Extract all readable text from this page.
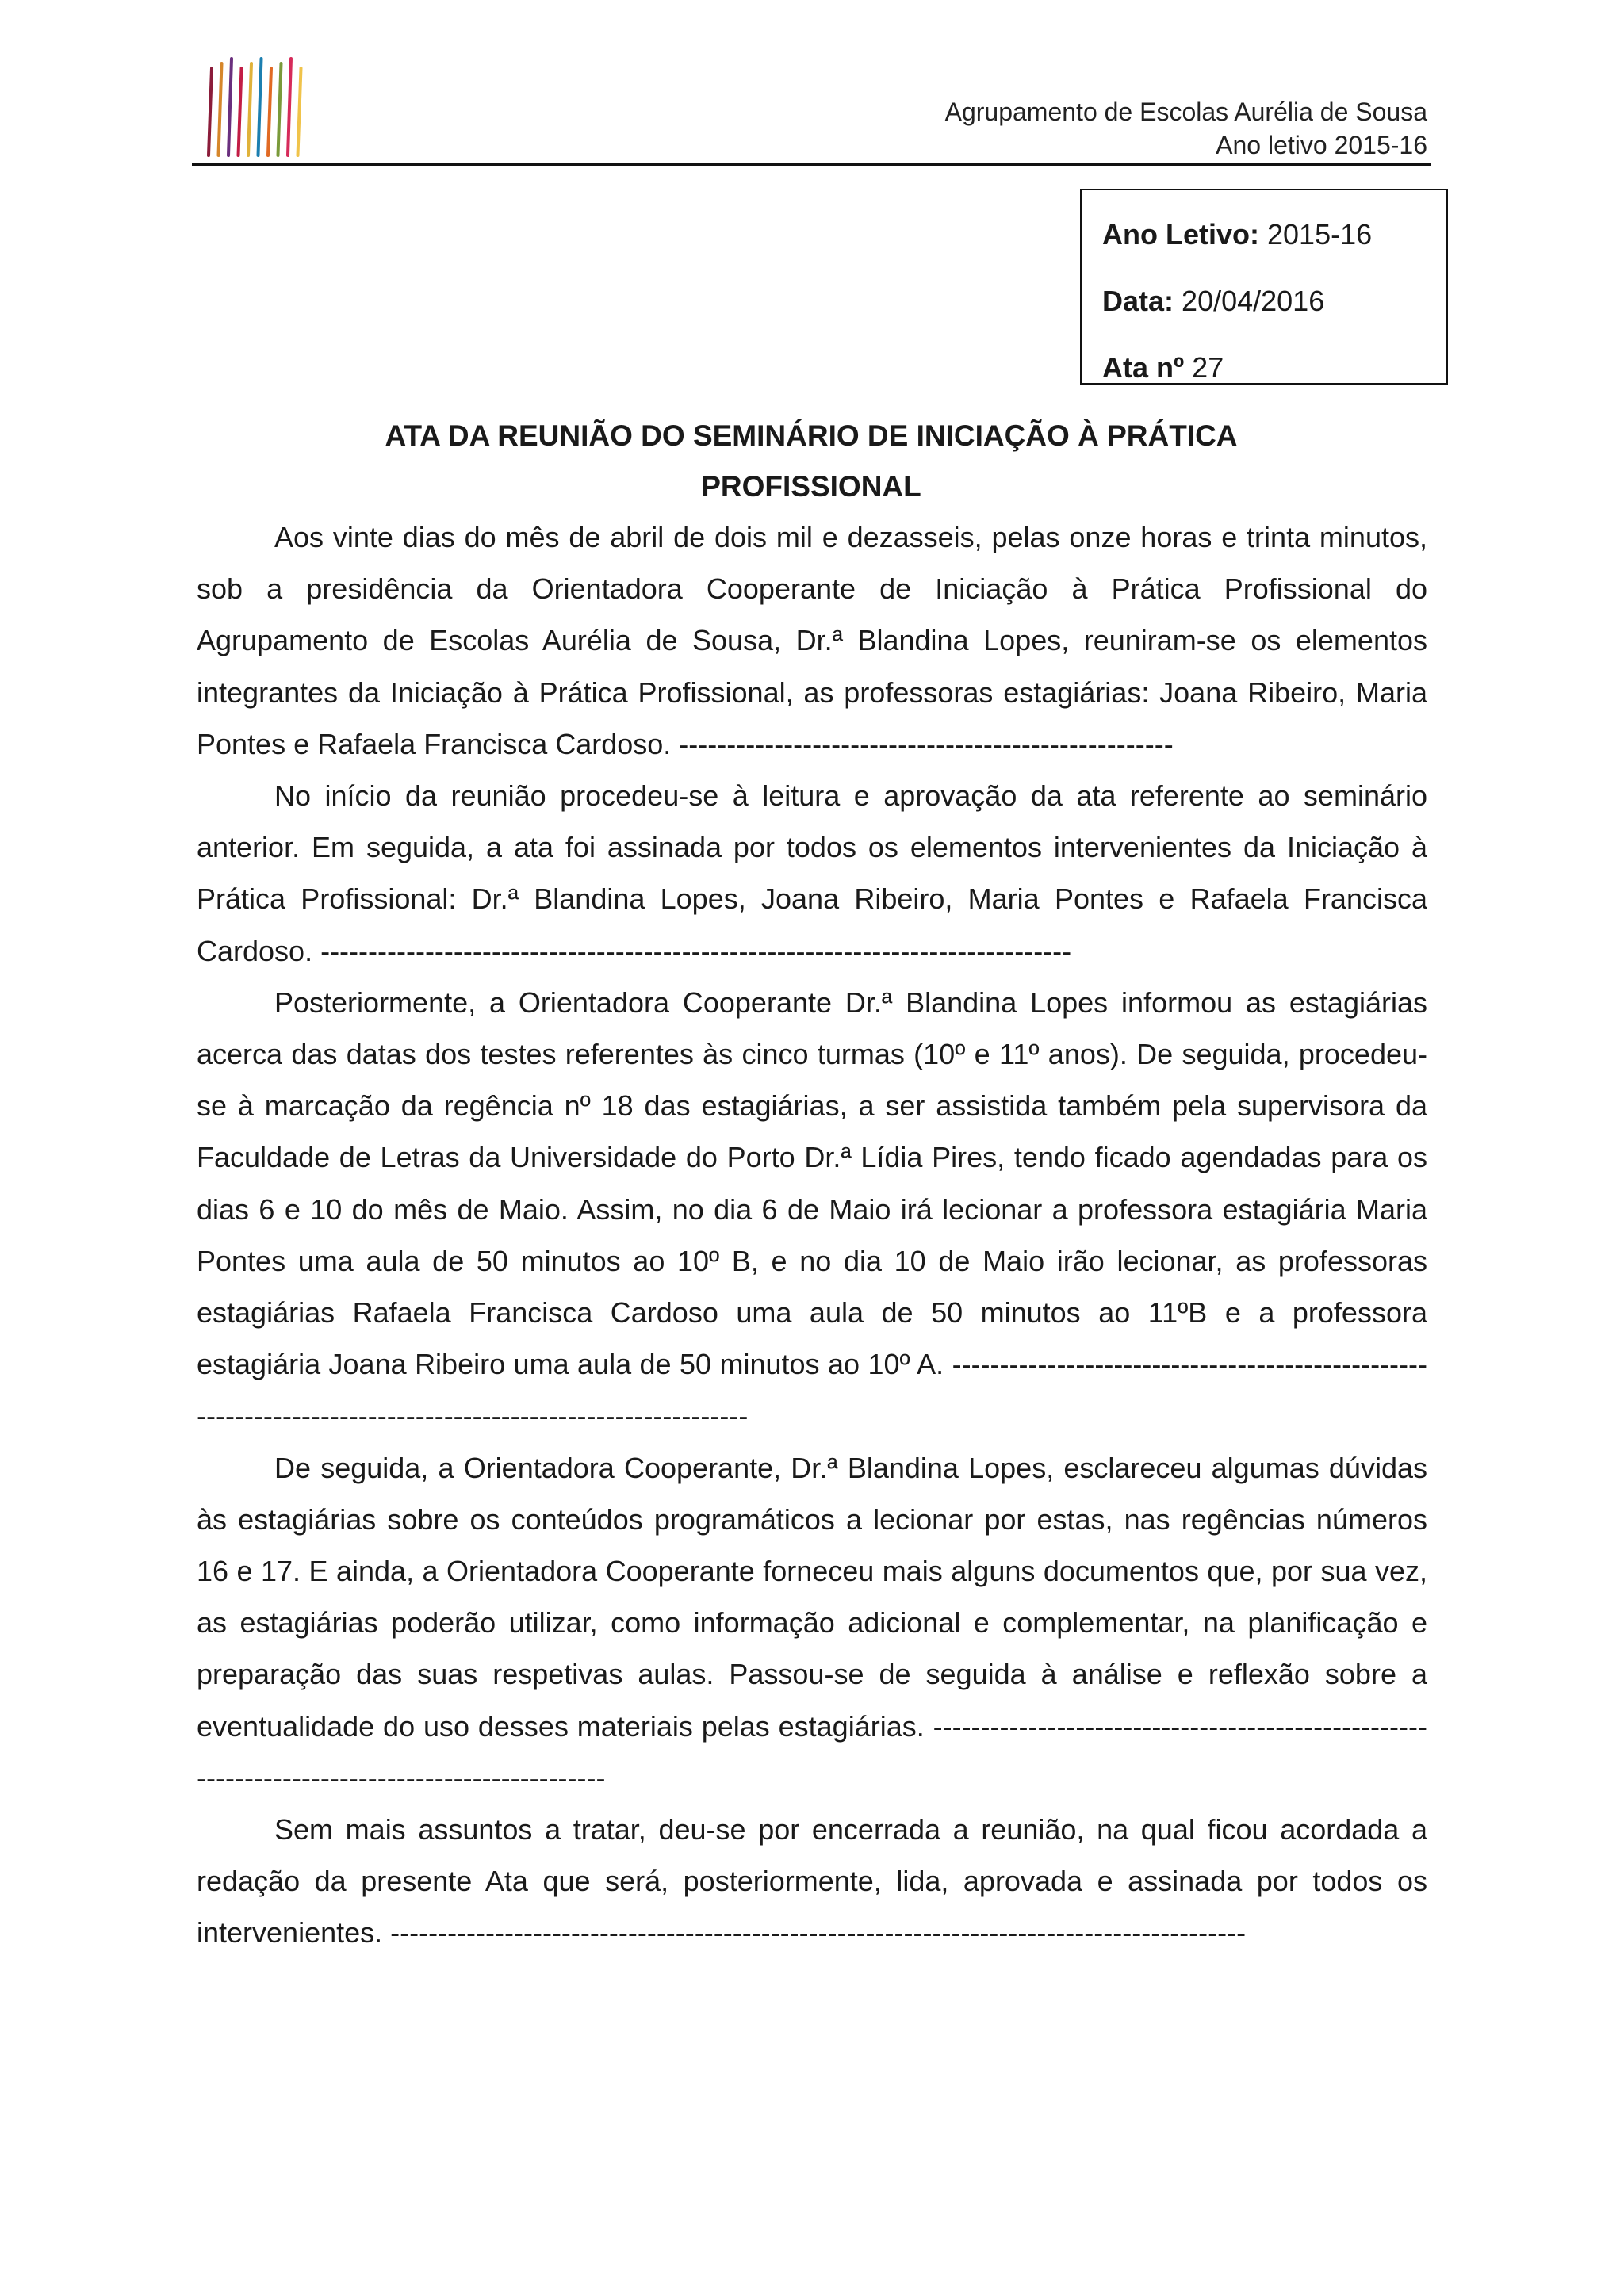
Agrupamento de Escolas Aurélia de Sousa
Ano letivo 2015-16
Ano Letivo: 2015-16
Data: 20/04/2016
Ata nº 27
ATA DA REUNIÃO DO SEMINÁRIO DE INICIAÇÃO À PRÁTICA
PROFISSIONAL

Aos vinte dias do mês de abril de dois mil e dezasseis, pelas onze horas e trinta minutos, sob a presidência da Orientadora Cooperante de Iniciação à Prática Profissional do Agrupamento de Escolas Aurélia de Sousa, Dr.ª Blandina Lopes, reuniram-se os elementos integrantes da Iniciação à Prática Profissional, as professoras estagiárias: Joana Ribeiro, Maria Pontes e Rafaela Francisca Cardoso. ----------------------------------------------------

No início da reunião procedeu-se à leitura e aprovação da ata referente ao seminário anterior. Em seguida, a ata foi assinada por todos os elementos intervenientes da Iniciação à Prática Profissional: Dr.ª Blandina Lopes, Joana Ribeiro, Maria Pontes e Rafaela Francisca Cardoso. -------------------------------------------------------------------------------

Posteriormente, a Orientadora Cooperante Dr.ª Blandina Lopes informou as estagiárias acerca das datas dos testes referentes às cinco turmas (10º e 11º anos). De seguida, procedeu-se à marcação da regência nº 18 das estagiárias, a ser assistida também pela supervisora da Faculdade de Letras da Universidade do Porto Dr.ª Lídia Pires, tendo ficado agendadas para os dias 6 e 10 do mês de Maio. Assim, no dia 6 de Maio irá lecionar a professora estagiária Maria Pontes uma aula de 50 minutos ao 10º B, e no dia 10 de Maio irão lecionar, as professoras estagiárias Rafaela Francisca Cardoso uma aula de 50 minutos ao 11ºB e a professora estagiária Joana Ribeiro uma aula de 50 minutos ao 10º A. ------------------------------------------------------------------------------------------------------------

De seguida, a Orientadora Cooperante, Dr.ª Blandina Lopes, esclareceu algumas dúvidas às estagiárias sobre os conteúdos programáticos a lecionar por estas, nas regências números 16 e 17. E ainda, a Orientadora Cooperante forneceu mais alguns documentos que, por sua vez, as estagiárias poderão utilizar, como informação adicional e complementar, na planificação e preparação das suas respetivas aulas. Passou-se de seguida à análise e reflexão sobre a eventualidade do uso desses materiais pelas estagiárias. -----------------------------------------------------------------------------------------------

Sem mais assuntos a tratar, deu-se por encerrada a reunião, na qual ficou acordada a redação da presente Ata que será, posteriormente, lida, aprovada e assinada por todos os intervenientes. ------------------------------------------------------------------------------------------
